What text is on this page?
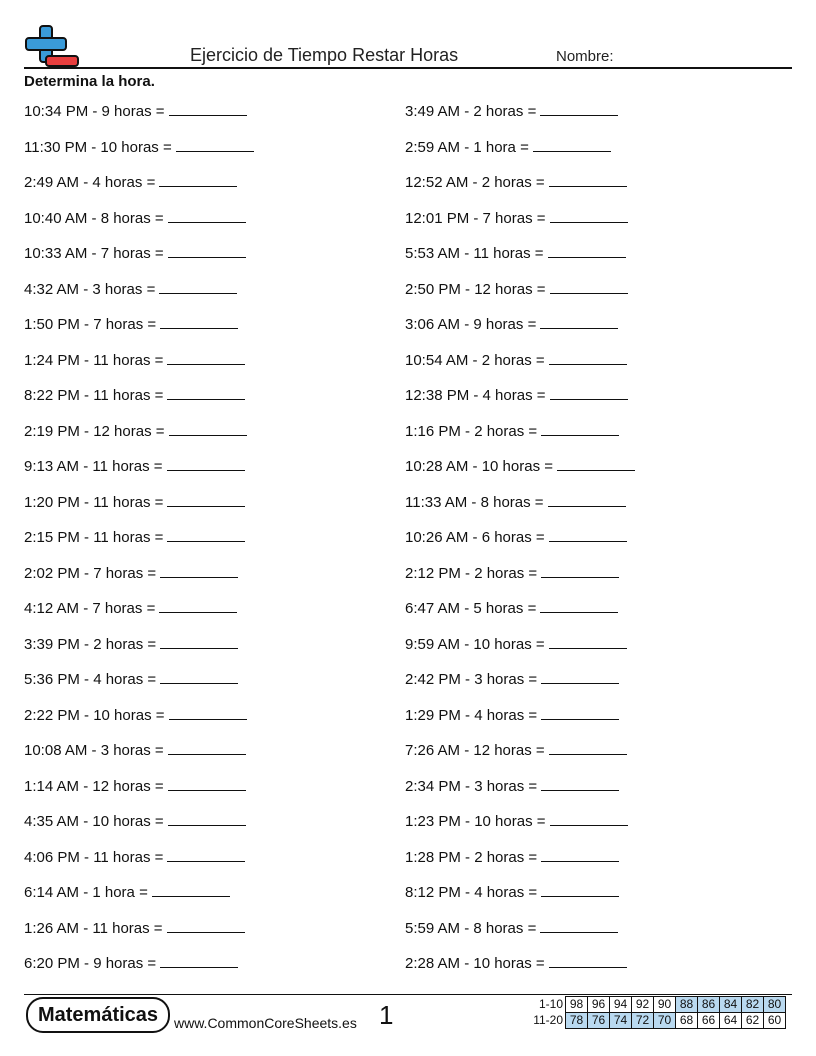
Ejercicio de Tiempo Restar Horas	Nombre:
Determina la hora.
10:34 PM - 9 horas =	3:49 AM - 2 horas =
11:30 PM - 10 horas =	2:59 AM - 1 hora =
2:49 AM - 4 horas =	12:52 AM - 2 horas =
10:40 AM - 8 horas =	12:01 PM - 7 horas =
10:33 AM - 7 horas =	5:53 AM - 11 horas =
4:32 AM - 3 horas =	2:50 PM - 12 horas =
1:50 PM - 7 horas =	3:06 AM - 9 horas =
1:24 PM - 11 horas =	10:54 AM - 2 horas =
8:22 PM - 11 horas =	12:38 PM - 4 horas =
2:19 PM - 12 horas =	1:16 PM - 2 horas =
9:13 AM - 11 horas =	10:28 AM - 10 horas =
1:20 PM - 11 horas =	11:33 AM - 8 horas =
2:15 PM - 11 horas =	10:26 AM - 6 horas =
2:02 PM - 7 horas =	2:12 PM - 2 horas =
4:12 AM - 7 horas =	6:47 AM - 5 horas =
3:39 PM - 2 horas =	9:59 AM - 10 horas =
5:36 PM - 4 horas =	2:42 PM - 3 horas =
2:22 PM - 10 horas =	1:29 PM - 4 horas =
10:08 AM - 3 horas =	7:26 AM - 12 horas =
1:14 AM - 12 horas =	2:34 PM - 3 horas =
4:35 AM - 10 horas =	1:23 PM - 10 horas =
4:06 PM - 11 horas =	1:28 PM - 2 horas =
6:14 AM - 1 hora =	8:12 PM - 4 horas =
1:26 AM - 11 horas =	5:59 AM - 8 horas =
6:20 PM - 9 horas =	2:28 AM - 10 horas =
Matemáticas	www.CommonCoreSheets.es 1	1-10	98	96	94	92	90	88	86	84	82	80
11-20	78	76	74	72	70	68	66	64	62	60
